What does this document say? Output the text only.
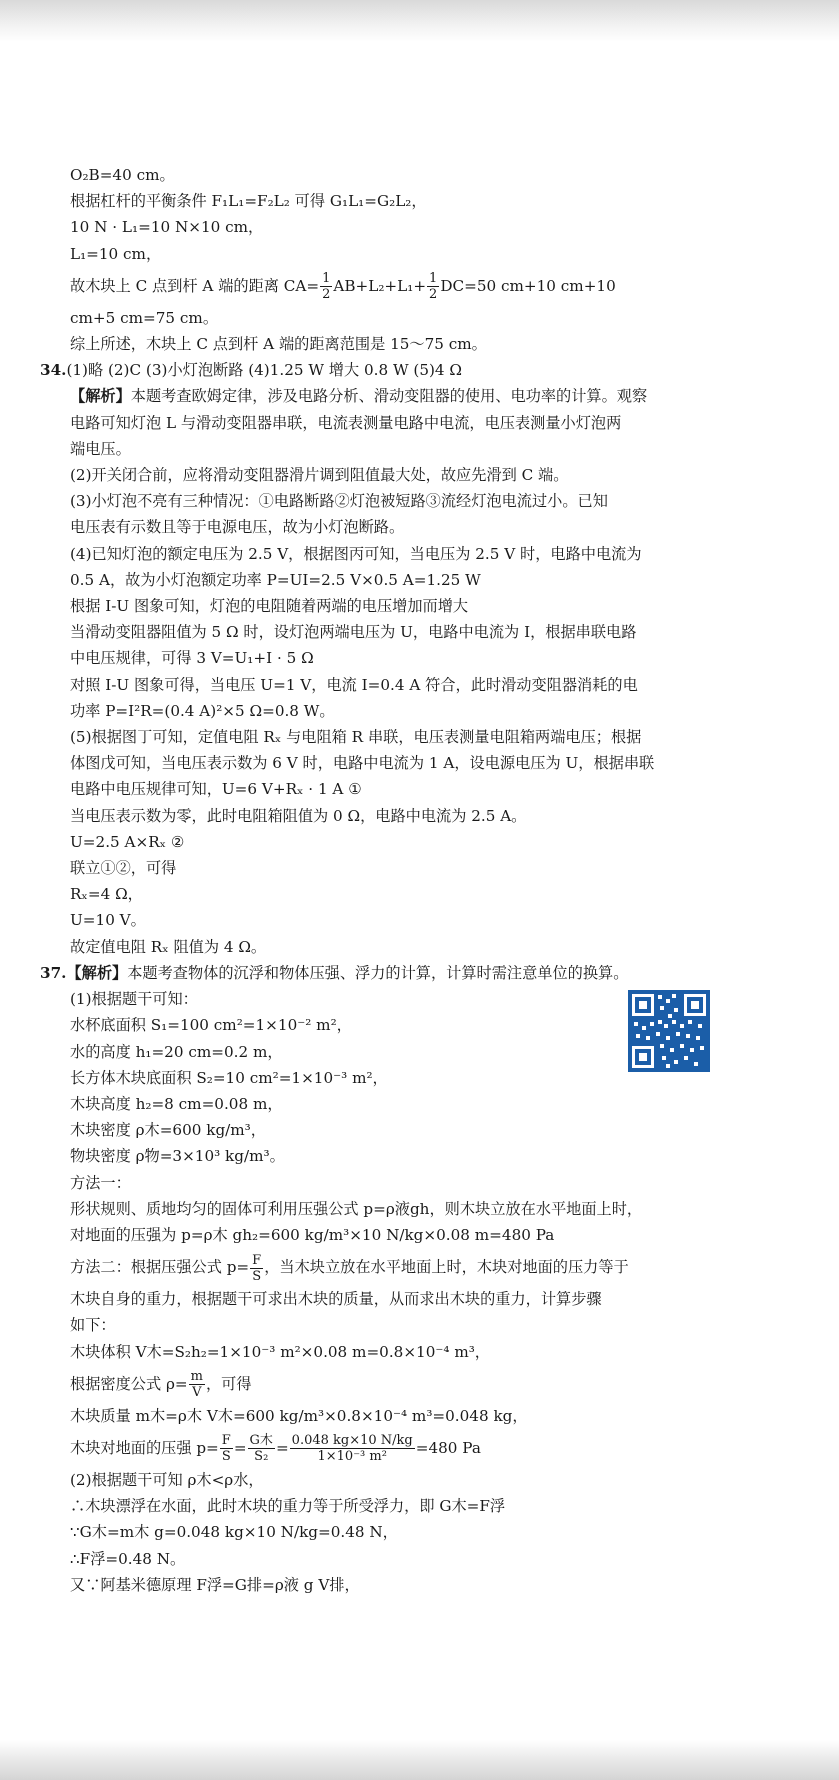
O₂B=40 cm。
根据杠杆的平衡条件 F₁L₁=F₂L₂ 可得 G₁L₁=G₂L₂，
10 N · L₁=10 N×10 cm，
L₁=10 cm，
故木块上 C 点到杆 A 端的距离 $CA= \frac{1}{2} AB+L_2+L_1+ \frac{1}{2} DC=50$ cm+10 cm+10
cm+5 cm=75 cm。
综上所述，木块上 C 点到杆 A 端的距离范围是 15～75 cm。
34.(1)略 (2)C (3)小灯泡断路 (4)1.25 W 增大 0.8 W (5)4 Ω
【解析】本题考查欧姆定律，涉及电路分析、滑动变阻器的使用、电功率的计算。观察
电路可知灯泡 L 与滑动变阻器串联，电流表测量电路中电流，电压表测量小灯泡两
端电压。
(2)开关闭合前，应将滑动变阻器滑片调到阻值最大处，故应先滑到 C 端。
(3)小灯泡不亮有三种情况：①电路断路②灯泡被短路③流经灯泡电流过小。已知
电压表有示数且等于电源电压，故为小灯泡断路。
(4)已知灯泡的额定电压为 2.5 V，根据图丙可知，当电压为 2.5 V 时，电路中电流为
0.5 A，故为小灯泡额定功率 P=UI=2.5 V×0.5 A=1.25 W
根据 I-U 图象可知，灯泡的电阻随着两端的电压增加而增大
当滑动变阻器阻值为 5 Ω 时，设灯泡两端电压为 U，电路中电流为 I，根据串联电路
中电压规律，可得 3 V=U₁+I · 5 Ω
对照 I-U 图象可得，当电压 U=1 V，电流 I=0.4 A 符合，此时滑动变阻器消耗的电
功率 P=I²R=(0.4 A)²×5 Ω=0.8 W。
(5)根据图丁可知，定值电阻 Rₓ 与电阻箱 R 串联，电压表测量电阻箱两端电压；根据
体图戊可知，当电压表示数为 6 V 时，电路中电流为 1 A，设电源电压为 U，根据串联
电路中电压规律可知，U=6 V+Rₓ · 1 A ①
当电压表示数为零，此时电阻箱阻值为 0 Ω，电路中电流为 2.5 A。
U=2.5 A×Rₓ ②
联立①②，可得
Rₓ=4 Ω，
U=10 V。
故定值电阻 Rₓ 阻值为 4 Ω。
37.【解析】本题考查物体的沉浮和物体压强、浮力的计算，计算时需注意单位的换算。
(1)根据题干可知：
水杯底面积 S₁=100 cm²=1×10⁻² m²，
水的高度 h₁=20 cm=0.2 m，
长方体木块底面积 S₂=10 cm²=1×10⁻³ m²，
木块高度 h₂=8 cm=0.08 m，
木块密度 ρ木=600 kg/m³，
物块密度 ρ物=3×10³ kg/m³。
方法一：
形状规则、质地均匀的固体可利用压强公式 p=ρ液gh，则木块立放在水平地面上时，
对地面的压强为 p=ρ木 gh₂=600 kg/m³×10 N/kg×0.08 m=480 Pa
方法二：根据压强公式 $p= \frac{F}{S}$ ，当木块立放在水平地面上时，木块对地面的压力等于
木块自身的重力，根据题干可求出木块的质量，从而求出木块的重力，计算步骤
如下：
木块体积 V木=S₂h₂=1×10⁻³ m²×0.08 m=0.8×10⁻⁴ m³，
根据密度公式 $\rho= \frac{m}{V}$ ，可得
木块质量 m木=ρ木 V木=600 kg/m³×0.8×10⁻⁴ m³=0.048 kg，
木块对地面的压强 $p= \frac{F}{S} = \frac{\text{G木}}{\text{S₂}} = \frac{0.048 kg\times 10 N/kg}{\text{1×10⁻³ m²}} =480$ Pa
(2)根据题干可知 ρ木<ρ水，
∴木块漂浮在水面，此时木块的重力等于所受浮力，即 G木=F浮
∵G木=m木 g=0.048 kg×10 N/kg=0.48 N，
∴F浮=0.48 N。
又∵阿基米德原理 F浮=G排=ρ液 g V排，
